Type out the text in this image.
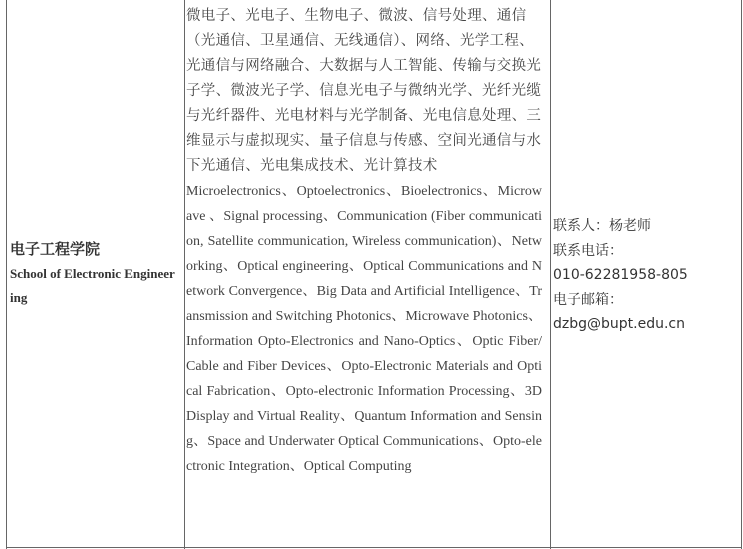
电子工程学院
School of Electronic Engineering
微电子、光电子、生物电子、微波、信号处理、通信（光通信、卫星通信、无线通信）、网络、光学工程、光通信与网络融合、大数据与人工智能、传输与交换光子学、微波光子学、信息光电子与微纳光学、光纤光缆与光纤器件、光电材料与光学制备、光电信息处理、三维显示与虚拟现实、量子信息与传感、空间光通信与水下光通信、光电集成技术、光计算技术
Microelectronics、Optoelectronics、Bioelectronics、Microwave 、Signal processing、Communication (Fiber communication, Satellite communication, Wireless communication)、Networking、Optical engineering、Optical Communications and Network Convergence、Big Data and Artificial Intelligence、Transmission and Switching Photonics、Microwave Photonics、Information Opto-Electronics and Nano-Optics、Optic Fiber/Cable and Fiber Devices、Opto-Electronic Materials and Optical Fabrication、Opto-electronic Information Processing、3D Display and Virtual Reality、Quantum Information and Sensing、Space and Underwater Optical Communications、Opto-electronic Integration、Optical Computing
联系人：杨老师
联系电话：
010-62281958-805
电子邮箱：
dzbg@bupt.edu.cn
